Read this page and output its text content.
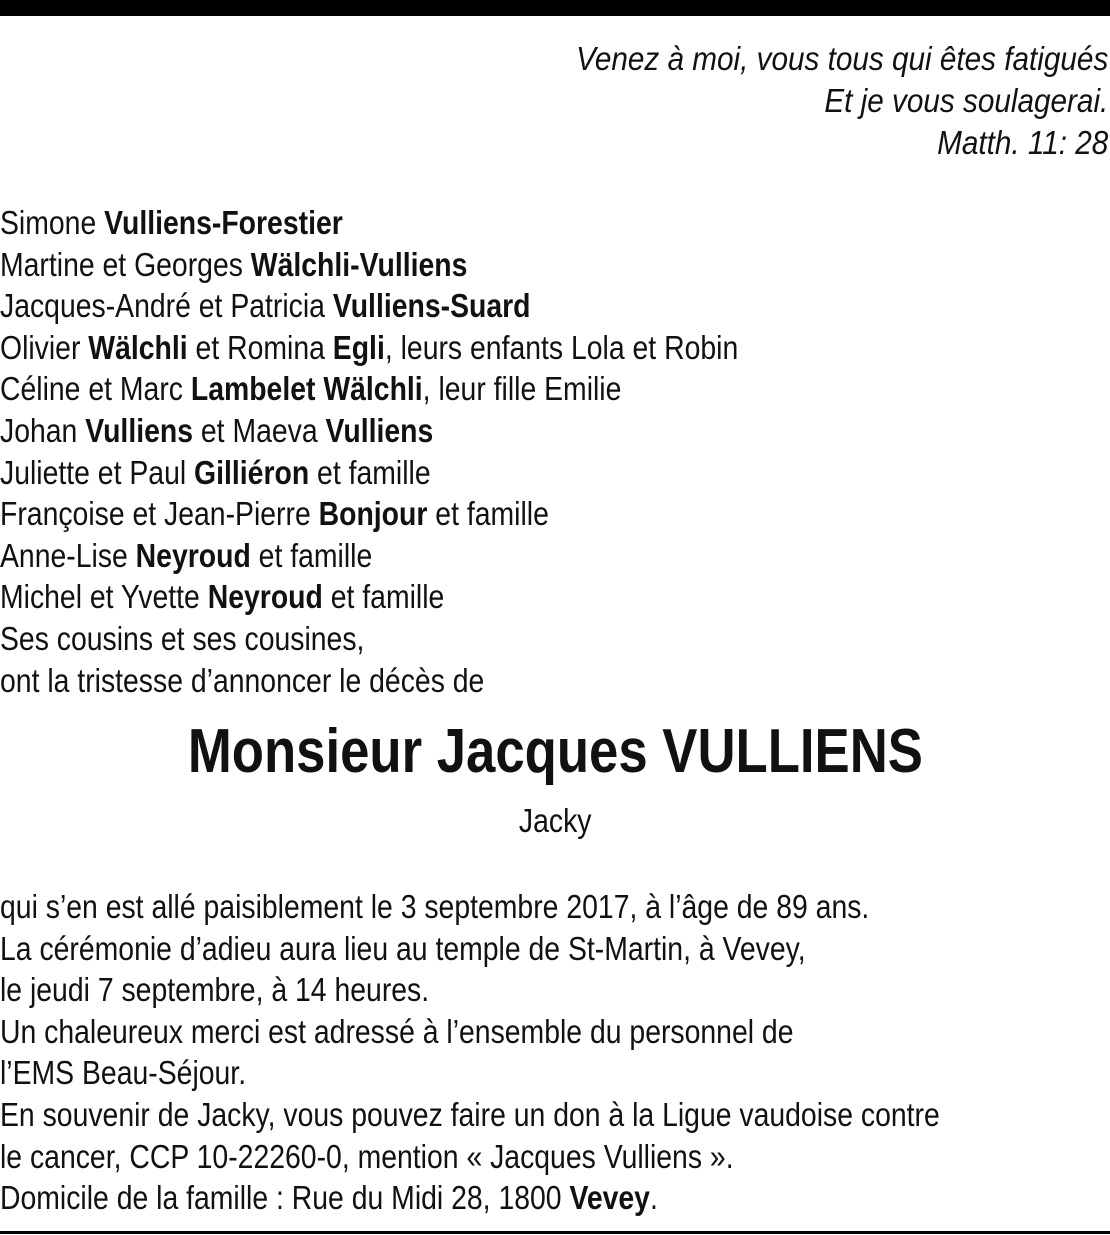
Venez à moi, vous tous qui êtes fatigués
Et je vous soulagerai.
Matth. 11: 28
Simone Vulliens-Forestier
Martine et Georges Wälchli-Vulliens
Jacques-André et Patricia Vulliens-Suard
Olivier Wälchli et Romina Egli, leurs enfants Lola et Robin
Céline et Marc Lambelet Wälchli, leur fille Emilie
Johan Vulliens et Maeva Vulliens
Juliette et Paul Gilliéron et famille
Françoise et Jean-Pierre Bonjour et famille
Anne-Lise Neyroud et famille
Michel et Yvette Neyroud et famille
Ses cousins et ses cousines,
ont la tristesse d’annoncer le décès de
Monsieur Jacques VULLIENS
Jacky
qui s’en est allé paisiblement le 3 septembre 2017, à l’âge de 89 ans.
La cérémonie d’adieu aura lieu au temple de St-Martin, à Vevey,
le jeudi 7 septembre, à 14 heures.
Un chaleureux merci est adressé à l’ensemble du personnel de
l’EMS Beau-Séjour.
En souvenir de Jacky, vous pouvez faire un don à la Ligue vaudoise contre
le cancer, CCP 10-22260-0, mention « Jacques Vulliens ».
Domicile de la famille : Rue du Midi 28, 1800 Vevey.
